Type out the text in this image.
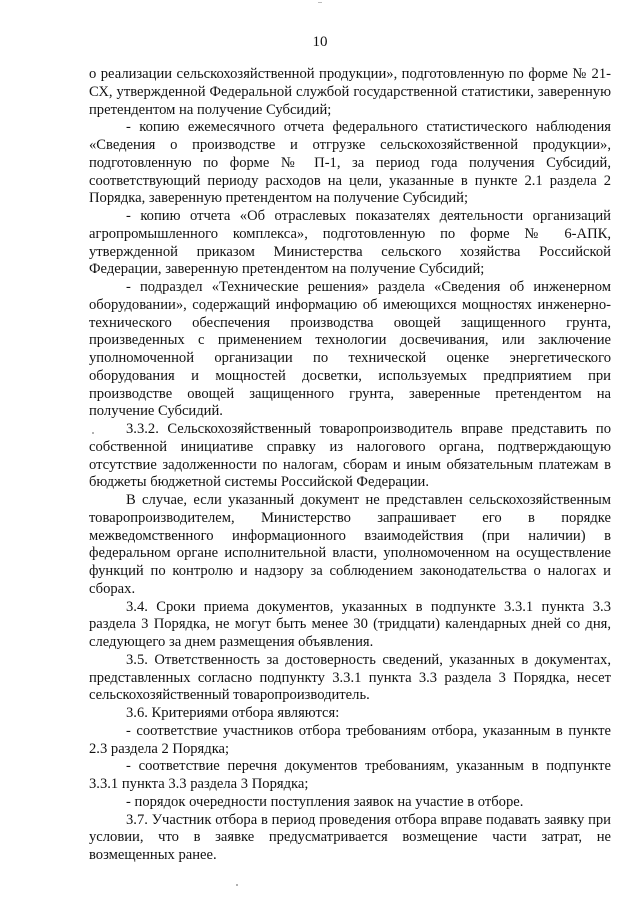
10

о реализации сельскохозяйственной продукции», подготовленную по форме № 21-СХ, утвержденной Федеральной службой государственной статистики, заверенную претендентом на получение Субсидий;

- копию ежемесячного отчета федерального статистического наблюдения «Сведения о производстве и отгрузке сельскохозяйственной продукции», подготовленную по форме № П-1, за период года получения Субсидий, соответствующий периоду расходов на цели, указанные в пункте 2.1 раздела 2 Порядка, заверенную претендентом на получение Субсидий;

- копию отчета «Об отраслевых показателях деятельности организаций агропромышленного комплекса», подготовленную по форме № 6-АПК, утвержденной приказом Министерства сельского хозяйства Российской Федерации, заверенную претендентом на получение Субсидий;

- подраздел «Технические решения» раздела «Сведения об инженерном оборудовании», содержащий информацию об имеющихся мощностях инженерно-технического обеспечения производства овощей защищенного грунта, произведенных с применением технологии досвечивания, или заключение уполномоченной организации по технической оценке энергетического оборудования и мощностей досветки, используемых предприятием при производстве овощей защищенного грунта, заверенные претендентом на получение Субсидий.

3.3.2. Сельскохозяйственный товаропроизводитель вправе представить по собственной инициативе справку из налогового органа, подтверждающую отсутствие задолженности по налогам, сборам и иным обязательным платежам в бюджеты бюджетной системы Российской Федерации.

В случае, если указанный документ не представлен сельскохозяйственным товаропроизводителем, Министерство запрашивает его в порядке межведомственного информационного взаимодействия (при наличии) в федеральном органе исполнительной власти, уполномоченном на осуществление функций по контролю и надзору за соблюдением законодательства о налогах и сборах.

3.4. Сроки приема документов, указанных в подпункте 3.3.1 пункта 3.3 раздела 3 Порядка, не могут быть менее 30 (тридцати) календарных дней со дня, следующего за днем размещения объявления.

3.5. Ответственность за достоверность сведений, указанных в документах, представленных согласно подпункту 3.3.1 пункта 3.3 раздела 3 Порядка, несет сельскохозяйственный товаропроизводитель.

3.6. Критериями отбора являются:

- соответствие участников отбора требованиям отбора, указанным в пункте 2.3 раздела 2 Порядка;

- соответствие перечня документов требованиям, указанным в подпункте 3.3.1 пункта 3.3 раздела 3 Порядка;

- порядок очередности поступления заявок на участие в отборе.

3.7. Участник отбора в период проведения отбора вправе подавать заявку при условии, что в заявке предусматривается возмещение части затрат, не возмещенных ранее.
